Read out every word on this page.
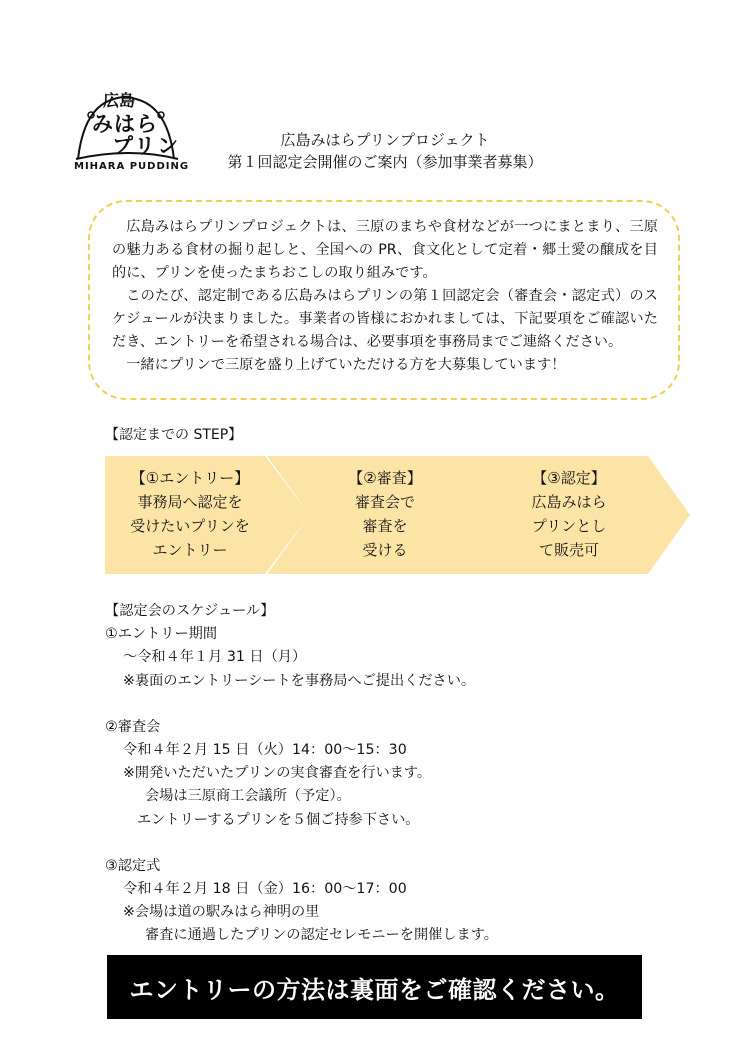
広島
みはら
プリン
MIHARA PUDDING
広島みはらプリンプロジェクト
第１回認定会開催のご案内（参加事業者募集）

広島みはらプリンプロジェクトは、三原のまちや食材などが一つにまとまり、三原の魅力ある食材の掘り起しと、全国への PR、食文化として定着・郷土愛の醸成を目的に、プリンを使ったまちおこしの取り組みです。

このたび、認定制である広島みはらプリンの第１回認定会（審査会・認定式）のスケジュールが決まりました。事業者の皆様におかれましては、下記要項をご確認いただき、エントリーを希望される場合は、必要事項を事務局までご連絡ください。

一緒にプリンで三原を盛り上げていただける方を大募集しています！

【認定までの STEP】
【①エントリー】
事務局へ認定を
受けたいプリンを
エントリー
【②審査】
審査会で
審査を
受ける
【③認定】
広島みはら
プリンとし
て販売可
【認定会のスケジュール】
①エントリー期間
～令和４年１月 31 日（月）
※裏面のエントリーシートを事務局へご提出ください。
②審査会
令和４年２月 15 日（火）14：00～15：30
※開発いただいたプリンの実食審査を行います。
会場は三原商工会議所（予定）。
エントリーするプリンを５個ご持参下さい。
③認定式
令和４年２月 18 日（金）16：00～17：00
※会場は道の駅みはら神明の里
審査に通過したプリンの認定セレモニーを開催します。
エントリーの方法は裏面をご確認ください。
